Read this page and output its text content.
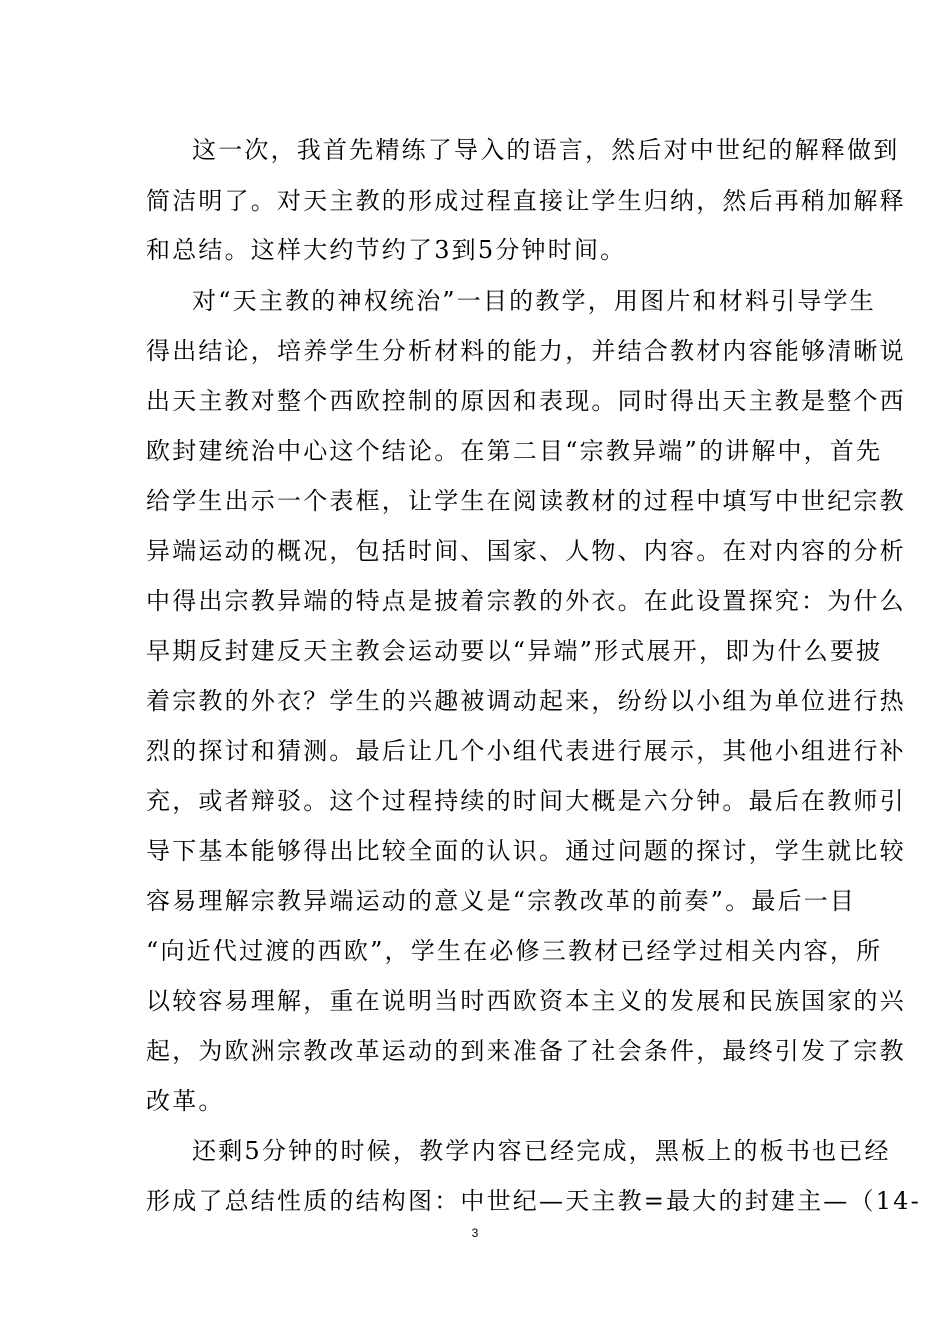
这一次，我首先精练了导入的语言，然后对中世纪的解释做到
简洁明了。对天主教的形成过程直接让学生归纳，然后再稍加解释
和总结。这样大约节约了3到5分钟时间。
对“天主教的神权统治”一目的教学，用图片和材料引导学生
得出结论，培养学生分析材料的能力，并结合教材内容能够清晰说
出天主教对整个西欧控制的原因和表现。同时得出天主教是整个西
欧封建统治中心这个结论。在第二目“宗教异端”的讲解中，首先
给学生出示一个表框，让学生在阅读教材的过程中填写中世纪宗教
异端运动的概况，包括时间、国家、人物、内容。在对内容的分析
中得出宗教异端的特点是披着宗教的外衣。在此设置探究：为什么
早期反封建反天主教会运动要以“异端”形式展开，即为什么要披
着宗教的外衣？学生的兴趣被调动起来，纷纷以小组为单位进行热
烈的探讨和猜测。最后让几个小组代表进行展示，其他小组进行补
充，或者辩驳。这个过程持续的时间大概是六分钟。最后在教师引
导下基本能够得出比较全面的认识。通过问题的探讨，学生就比较
容易理解宗教异端运动的意义是“宗教改革的前奏”。最后一目
“向近代过渡的西欧”，学生在必修三教材已经学过相关内容，所
以较容易理解，重在说明当时西欧资本主义的发展和民族国家的兴
起，为欧洲宗教改革运动的到来准备了社会条件，最终引发了宗教
改革。
还剩5分钟的时候，教学内容已经完成，黑板上的板书也已经
形成了总结性质的结构图：中世纪—天主教=最大的封建主—（14-
3
